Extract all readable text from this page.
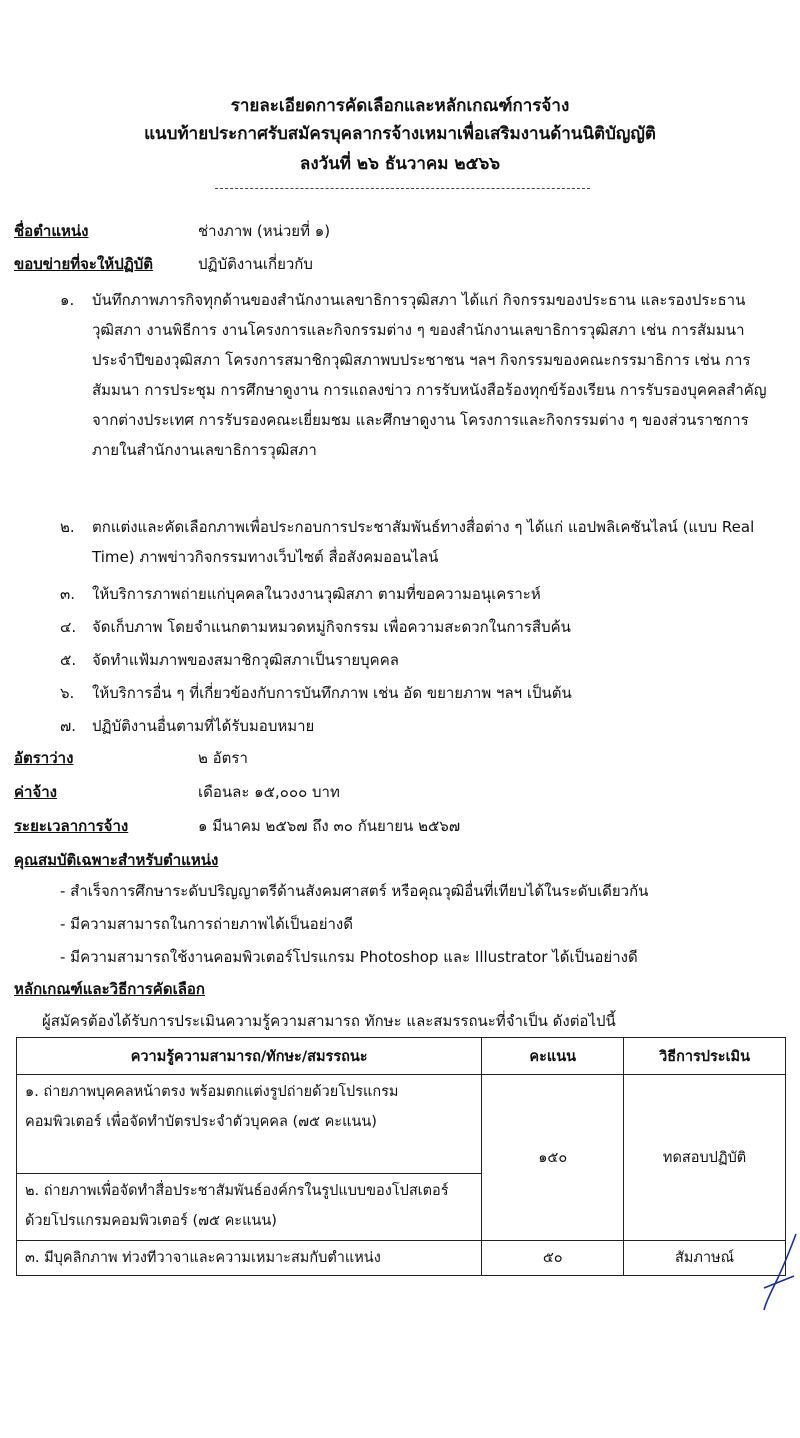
รายละเอียดการคัดเลือกและหลักเกณฑ์การจ้าง
แนบท้ายประกาศรับสมัครบุคลากรจ้างเหมาเพื่อเสริมงานด้านนิติบัญญัติ
ลงวันที่ ๒๖ ธันวาคม ๒๕๖๖
ชื่อตำแหน่ง	ช่างภาพ (หน่วยที่ ๑)
ขอบข่ายที่จะให้ปฏิบัติ	ปฏิบัติงานเกี่ยวกับ
๑. บันทึกภาพภารกิจทุกด้านของสำนักงานเลขาธิการวุฒิสภา ได้แก่ กิจกรรมของประธาน และรองประธานวุฒิสภา งานพิธีการ งานโครงการและกิจกรรมต่าง ๆ ของสำนักงานเลขาธิการวุฒิสภา เช่น การสัมมนาประจำปีของวุฒิสภา โครงการสมาชิกวุฒิสภาพบประชาชน ฯลฯ กิจกรรมของคณะกรรมาธิการ เช่น การสัมมนา การประชุม การศึกษาดูงาน การแถลงข่าว การรับหนังสือร้องทุกข์ร้องเรียน การรับรองบุคคลสำคัญจากต่างประเทศ การรับรองคณะเยี่ยมชม และศึกษาดูงาน โครงการและกิจกรรมต่าง ๆ ของส่วนราชการภายในสำนักงานเลขาธิการวุฒิสภา
๒. ตกแต่งและคัดเลือกภาพเพื่อประกอบการประชาสัมพันธ์ทางสื่อต่าง ๆ ได้แก่ แอปพลิเคชันไลน์ (แบบ Real Time) ภาพข่าวกิจกรรมทางเว็บไซต์ สื่อสังคมออนไลน์
๓. ให้บริการภาพถ่ายแก่บุคคลในวงงานวุฒิสภา ตามที่ขอความอนุเคราะห์
๔. จัดเก็บภาพ โดยจำแนกตามหมวดหมู่กิจกรรม เพื่อความสะดวกในการสืบค้น
๕. จัดทำแฟ้มภาพของสมาชิกวุฒิสภาเป็นรายบุคคล
๖. ให้บริการอื่น ๆ ที่เกี่ยวข้องกับการบันทึกภาพ เช่น อัด ขยายภาพ ฯลฯ เป็นต้น
๗. ปฏิบัติงานอื่นตามที่ได้รับมอบหมาย
อัตราว่าง	๒ อัตรา
ค่าจ้าง	เดือนละ ๑๕,๐๐๐ บาท
ระยะเวลาการจ้าง	๑ มีนาคม ๒๕๖๗ ถึง ๓๐ กันยายน ๒๕๖๗
คุณสมบัติเฉพาะสำหรับตำแหน่ง
- สำเร็จการศึกษาระดับปริญญาตรีด้านสังคมศาสตร์ หรือคุณวุฒิอื่นที่เทียบได้ในระดับเดียวกัน
- มีความสามารถในการถ่ายภาพได้เป็นอย่างดี
- มีความสามารถใช้งานคอมพิวเตอร์โปรแกรม Photoshop และ Illustrator ได้เป็นอย่างดี
หลักเกณฑ์และวิธีการคัดเลือก
ผู้สมัครต้องได้รับการประเมินความรู้ความสามารถ ทักษะ และสมรรถนะที่จำเป็น ดังต่อไปนี้
ความรู้ความสามารถ/ทักษะ/สมรรถนะ	คะแนน	วิธีการประเมิน
๑. ถ่ายภาพบุคคลหน้าตรง พร้อมตกแต่งรูปถ่ายด้วยโปรแกรมคอมพิวเตอร์ เพื่อจัดทำบัตรประจำตัวบุคคล (๗๕ คะแนน)	๑๕๐	ทดสอบปฏิบัติ
๒. ถ่ายภาพเพื่อจัดทำสื่อประชาสัมพันธ์องค์กรในรูปแบบของโปสเตอร์ด้วยโปรแกรมคอมพิวเตอร์ (๗๕ คะแนน)		
๓. มีบุคลิกภาพ ท่วงทีวาจาและความเหมาะสมกับตำแหน่ง	๕๐	สัมภาษณ์
